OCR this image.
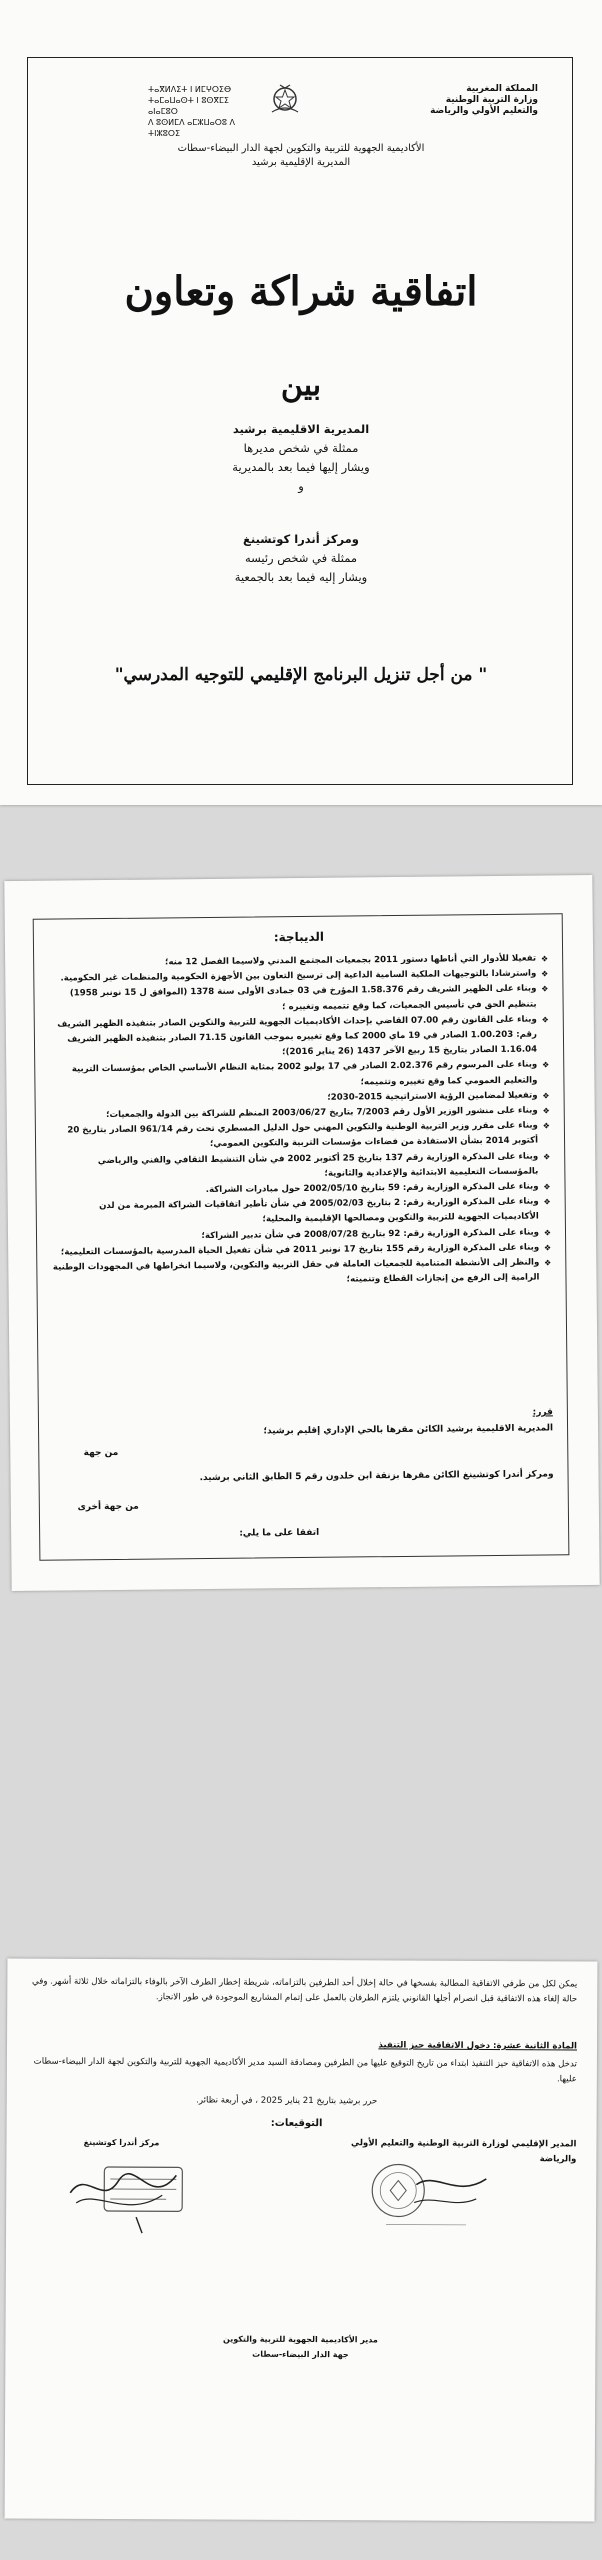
المملكة المغربية
وزارة التربية الوطنية
والتعليم الأولي والرياضة
ⵜⴰⴳⵍⴷⵉⵜ ⵏ ⵍⵎⵖⵔⵉⴱ
ⵜⴰⵎⴰⵡⴰⵙⵜ ⵏ ⵓⵙⴳⵎⵉ ⴰⵏⴰⵎⵓⵔ
ⴷ ⵓⵙⵍⵎⴷ ⴰⵎⵣⵡⴰⵔⵓ ⴷ ⵜⵏⵣⵓⵔⵉ
الأكاديمية الجهوية للتربية والتكوين لجهة الدار البيضاء-سطات
المديرية الإقليمية برشيد
اتفاقية شراكة وتعاون
بين
المديرية الاقليمية برشيد
ممثلة في شخص مديرها
ويشار إليها فيما بعد بالمديرية
و
ومركز أندرا كوتشينغ
ممثلة في شخص رئيسه
ويشار إليه فيما بعد بالجمعية
" من أجل تنزيل البرنامج الإقليمي للتوجيه المدرسي"
الديباجة:
❖ تفعيلا للأدوار التي أناطها دستور 2011 بجمعيات المجتمع المدني ولاسيما الفصل 12 منه؛
❖ واسترشادا بالتوجيهات الملكية السامية الداعية إلى ترسيخ التعاون بين الأجهزة الحكومية والمنظمات غير الحكومية.
❖ وبناء على الظهير الشريف رقم 1.58.376 المؤرخ في 03 جمادى الأولى سنة 1378 (الموافق ل 15 نونبر 1958) بتنظيم الحق في تأسيس الجمعيات، كما وقع تتميمه وتغييره ؛
❖ وبناء على القانون رقم 07.00 القاضي بإحداث الأكاديميات الجهوية للتربية والتكوين الصادر بتنفيذه الظهير الشريف رقم: 1.00.203 الصادر في 19 ماي 2000 كما وقع تغييره بموجب القانون 71.15 الصادر بتنفيذه الظهير الشريف 1.16.04 الصادر بتاريخ 15 ربيع الآخر 1437 (26 يناير 2016)؛
❖ وبناء على المرسوم رقم 2.02.376 الصادر في 17 يوليو 2002 بمثابة النظام الأساسي الخاص بمؤسسات التربية والتعليم العمومي كما وقع تغييره وتتميمه؛
❖ وتفعيلا لمضامين الرؤية الاستراتيجية 2015-2030؛
❖ وبناء على منشور الوزير الأول رقم 7/2003 بتاريخ 2003/06/27 المنظم للشراكة بين الدولة والجمعيات؛
❖ وبناء على مقرر وزير التربية الوطنية والتكوين المهني حول الدليل المسطري تحت رقم 961/14 الصادر بتاريخ 20 أكتوبر 2014 بشأن الاستفادة من فضاءات مؤسسات التربية والتكوين العمومي؛
❖ وبناء على المذكرة الوزارية رقم 137 بتاريخ 25 أكتوبر 2002 في شأن التنشيط الثقافي والفني والرياضي بالمؤسسات التعليمية الابتدائية والإعدادية والثانوية؛
❖ وبناء على المذكرة الوزارية رقم: 59 بتاريخ 2002/05/10 حول مبادرات الشراكة.
❖ وبناء على المذكرة الوزارية رقم: 2 بتاريخ 2005/02/03 في شأن تأطير اتفاقيات الشراكة المبرمة من لدن الأكاديميات الجهوية للتربية والتكوين ومصالحها الإقليمية والمحلية؛
❖ وبناء على المذكرة الوزارية رقم: 92 بتاريخ 2008/07/28 في شأن تدبير الشراكة؛
❖ وبناء على المذكرة الوزارية رقم 155 بتاريخ 17 نونبر 2011 في شأن تفعيل الحياة المدرسية بالمؤسسات التعليمية؛
❖ والنظر إلى الأنشطة المتنامية للجمعيات العاملة في حقل التربية والتكوين، ولاسيما انخراطها في المجهودات الوطنية الرامية إلى الرفع من إنجازات القطاع وتنميته؛
قرر:
المديرية الاقليمية برشيد الكائن مقرها بالحي الإداري إقليم برشيد؛
من جهة
ومركز أندرا كوتشينغ الكائن مقرها بزنقة ابن خلدون رقم 5 الطابق الثاني برشيد.
من جهة أخرى
اتفقا على ما يلي:
يمكن لكل من طرفي الاتفاقية المطالبة بفسخها في حالة إخلال أحد الطرفين بالتزاماته، شريطة إخطار الطرف الآخر بالوفاء بالتزاماته خلال ثلاثة أشهر. وفي حالة إلغاء هذه الاتفاقية قبل انصرام أجلها القانوني يلتزم الطرفان بالعمل على إتمام المشاريع الموجودة في طور الانجاز.
المادة الثانية عشرة: دخول الاتفاقية حيز التنفيذ
تدخل هذه الاتفاقية حيز التنفيذ ابتداء من تاريخ التوقيع عليها من الطرفين ومصادقة السيد مدير الأكاديمية الجهوية للتربية والتكوين لجهة الدار البيضاء-سطات عليها.
حرر برشيد بتاريخ 21 يناير 2025 ، في أربعة نظائر.
التوقيعات:
المدير الإقليمي لوزارة التربية الوطنية والتعليم الأولي والرياضة
مركز أندرا كوتشينغ
مدير الأكاديمية الجهوية للتربية والتكوين
جهة الدار البيضاء-سطات
